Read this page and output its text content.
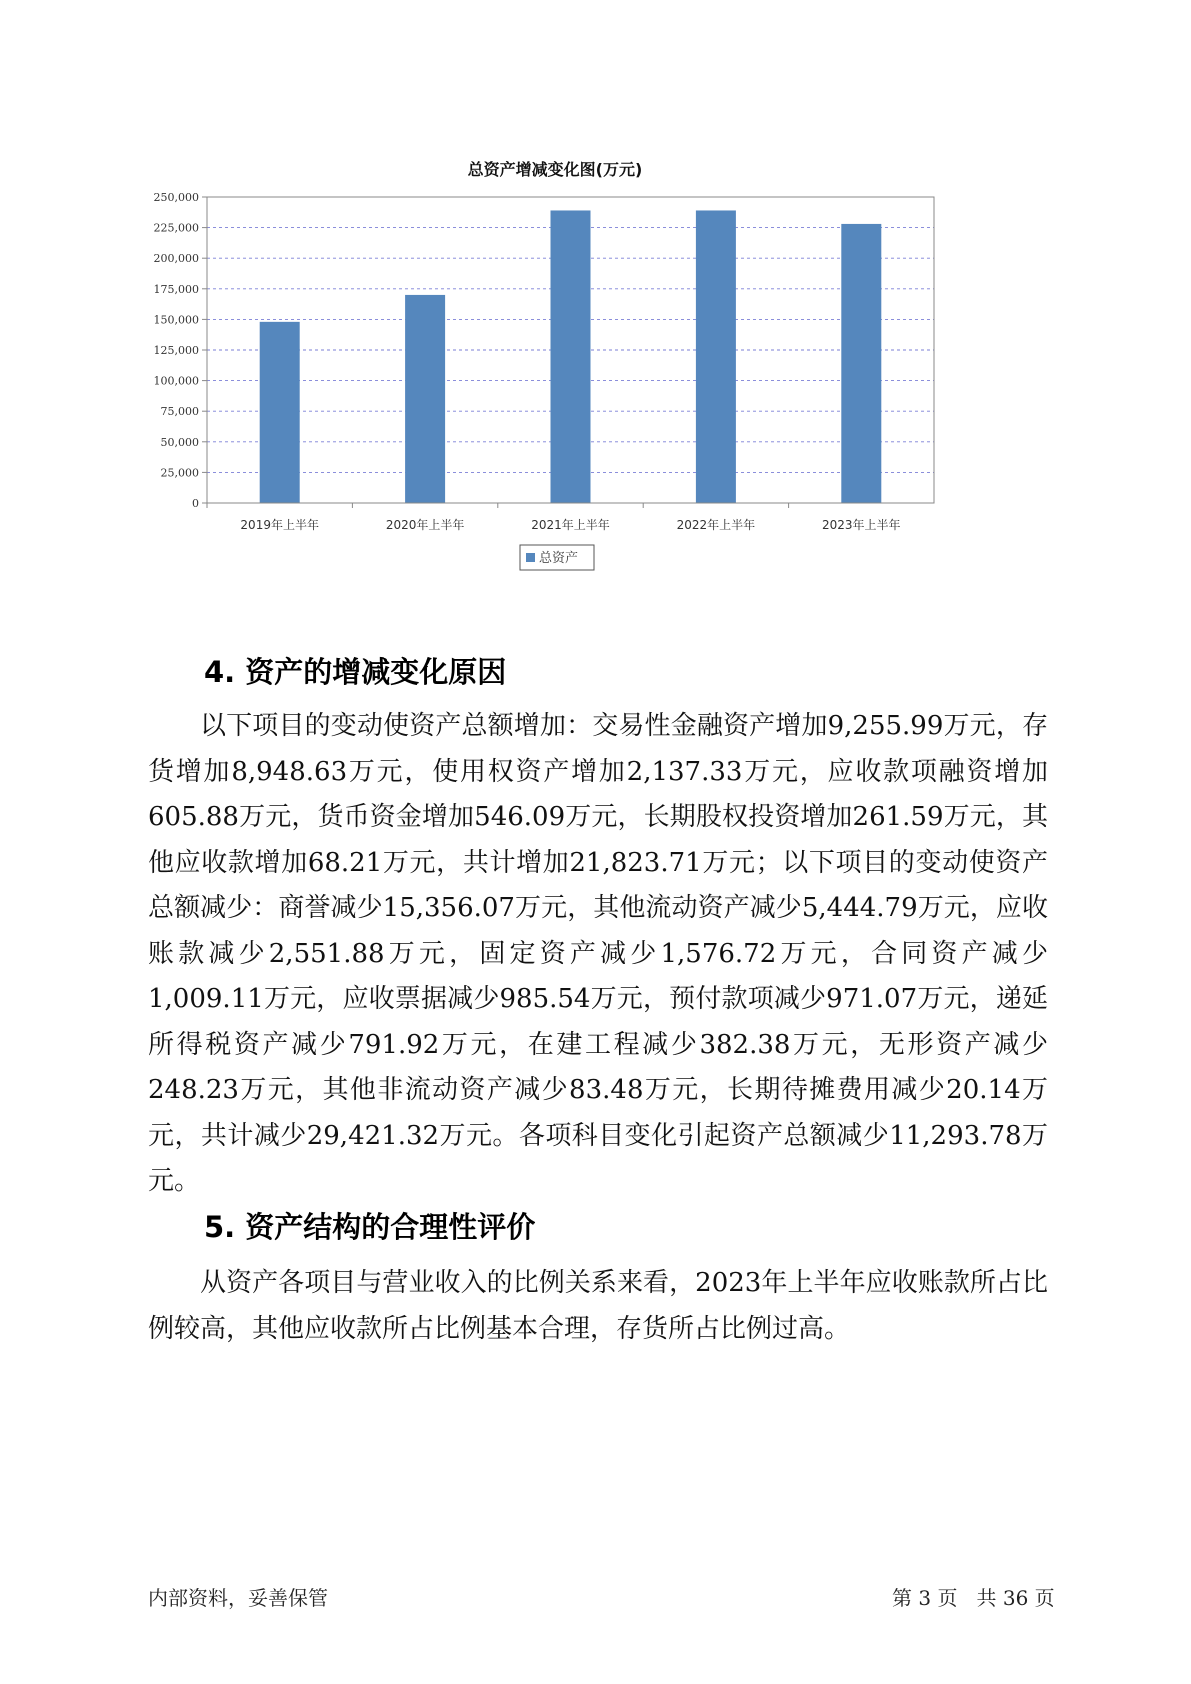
总资产增减变化图(万元)
0
25,000
50,000
75,000
100,000
125,000
150,000
175,000
200,000
225,000
250,000
2019年上半年	2020年上半年	2021年上半年	2022年上半年	2023年上半年
总资产
4. 资产的增减变化原因

以下项目的变动使资产总额增加：交易性金融资产增加9,255.99万元，存货增加8,948.63万元，使用权资产增加2,137.33万元，应收款项融资增加605.88万元，货币资金增加546.09万元，长期股权投资增加261.59万元，其他应收款增加68.21万元，共计增加21,823.71万元；以下项目的变动使资产总额减少：商誉减少15,356.07万元，其他流动资产减少5,444.79万元，应收账款减少2,551.88万元，固定资产减少1,576.72万元，合同资产减少1,009.11万元，应收票据减少985.54万元，预付款项减少971.07万元，递延所得税资产减少791.92万元，在建工程减少382.38万元，无形资产减少248.23万元，其他非流动资产减少83.48万元，长期待摊费用减少20.14万元，共计减少29,421.32万元。各项科目变化引起资产总额减少11,293.78万元。

5. 资产结构的合理性评价

从资产各项目与营业收入的比例关系来看，2023年上半年应收账款所占比例较高，其他应收款所占比例基本合理，存货所占比例过高。

内部资料，妥善保管	第 3 页   共 36 页
